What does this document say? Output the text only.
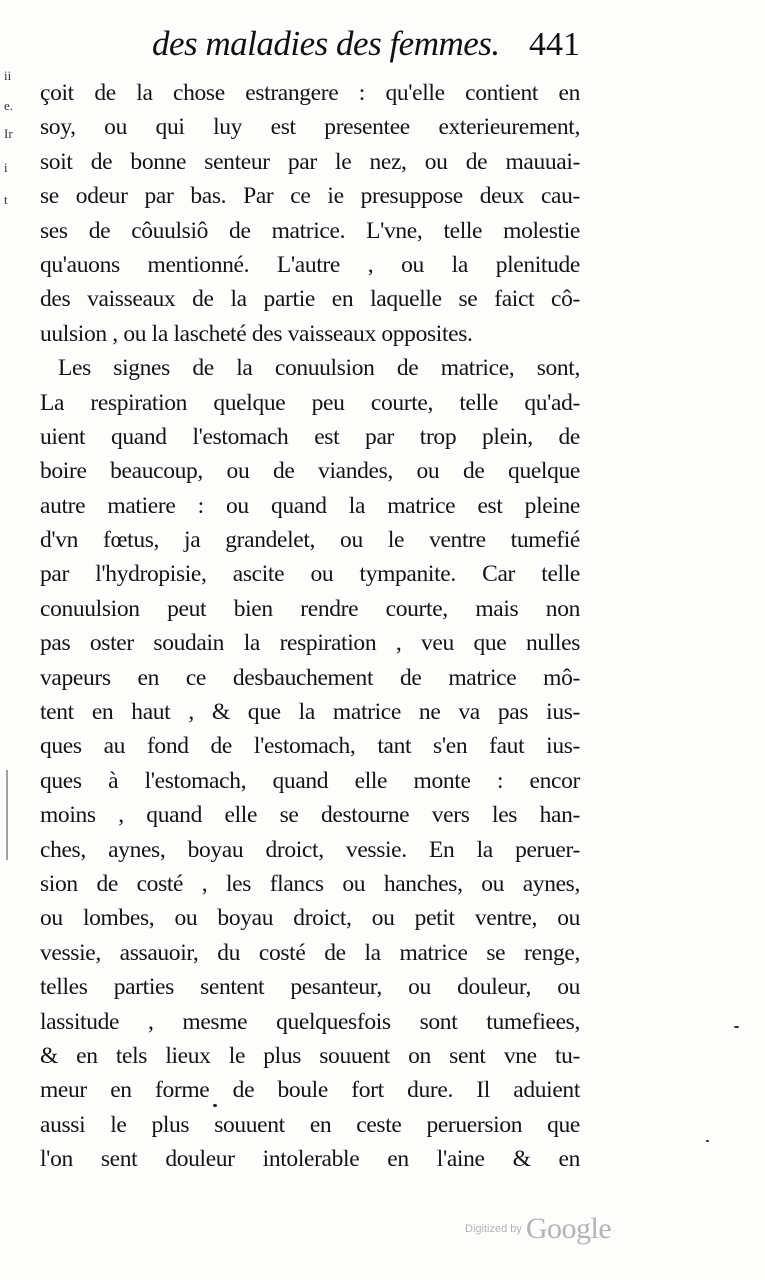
des maladies des femmes. 441
ii
e.
Ir
i
t
çoit de la chose estrangere : qu'elle contient en
soy, ou qui luy est presentee exterieurement,
soit de bonne senteur par le nez, ou de mauuai-
se odeur par bas. Par ce ie presuppose deux cau-
ses de côuulsiô de matrice. L'vne, telle molestie
qu'auons mentionné. L'autre , ou la plenitude
des vaisseaux de la partie en laquelle se faict cô-
uulsion , ou la lascheté des vaisseaux opposites.
Les signes de la conuulsion de matrice, sont,
La respiration quelque peu courte, telle qu'ad-
uient quand l'estomach est par trop plein, de
boire beaucoup, ou de viandes, ou de quelque
autre matiere : ou quand la matrice est pleine
d'vn fœtus, ja grandelet, ou le ventre tumefié
par l'hydropisie, ascite ou tympanite. Car telle
conuulsion peut bien rendre courte, mais non
pas oster soudain la respiration , veu que nulles
vapeurs en ce desbauchement de matrice mô-
tent en haut , & que la matrice ne va pas ius-
ques au fond de l'estomach, tant s'en faut ius-
ques à l'estomach, quand elle monte : encor
moins , quand elle se destourne vers les han-
ches, aynes, boyau droict, vessie. En la peruer-
sion de costé , les flancs ou hanches, ou aynes,
ou lombes, ou boyau droict, ou petit ventre, ou
vessie, assauoir, du costé de la matrice se renge,
telles parties sentent pesanteur, ou douleur, ou
lassitude , mesme quelquesfois sont tumefiees,
& en tels lieux le plus souuent on sent vne tu-
meur en forme de boule fort dure. Il aduient
aussi le plus souuent en ceste peruersion que
l'on sent douleur intolerable en l'aine & en
Digitized by Google
